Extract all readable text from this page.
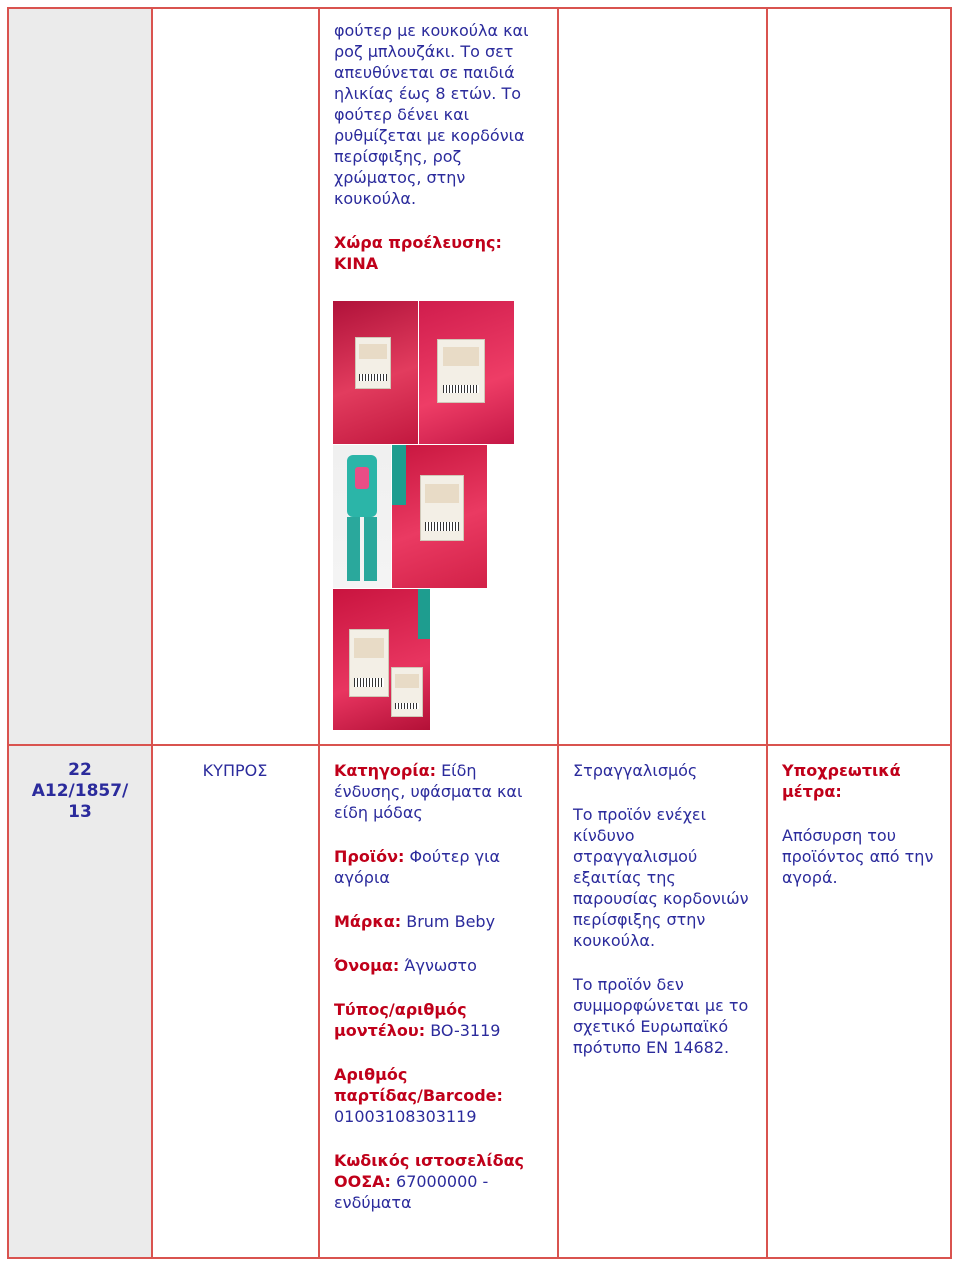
φούτερ με κουκούλα και ροζ μπλουζάκι. Το σετ απευθύνεται σε παιδιά ηλικίας έως 8 ετών. Το φούτερ δένει και ρυθμίζεται με κορδόνια περίσφιξης, ροζ χρώματος, στην κουκούλα.

Χώρα προέλευσης:
ΚΙΝΑ
22
A12/1857/
13
ΚΥΠΡΟΣ	Κατηγορία: Είδη ένδυσης, υφάσματα και είδη μόδας

Προϊόν: Φούτερ για αγόρια

Μάρκα: Brum Beby

Όνομα: Άγνωστο

Τύπος/αριθμός μοντέλου: BO-3119

Αριθμός παρτίδας/Barcode: 01003108303119

Κωδικός ιστοσελίδας ΟΟΣΑ: 67000000 - ενδύματα

Στραγγαλισμός

Το προϊόν ενέχει κίνδυνο στραγγαλισμού εξαιτίας της παρουσίας κορδονιών περίσφιξης στην κουκούλα.

Το προϊόν δεν συμμορφώνεται με το σχετικό Ευρωπαϊκό πρότυπο ΕΝ 14682.

Υποχρεωτικά μέτρα:

Απόσυρση του προϊόντος από την αγορά.
